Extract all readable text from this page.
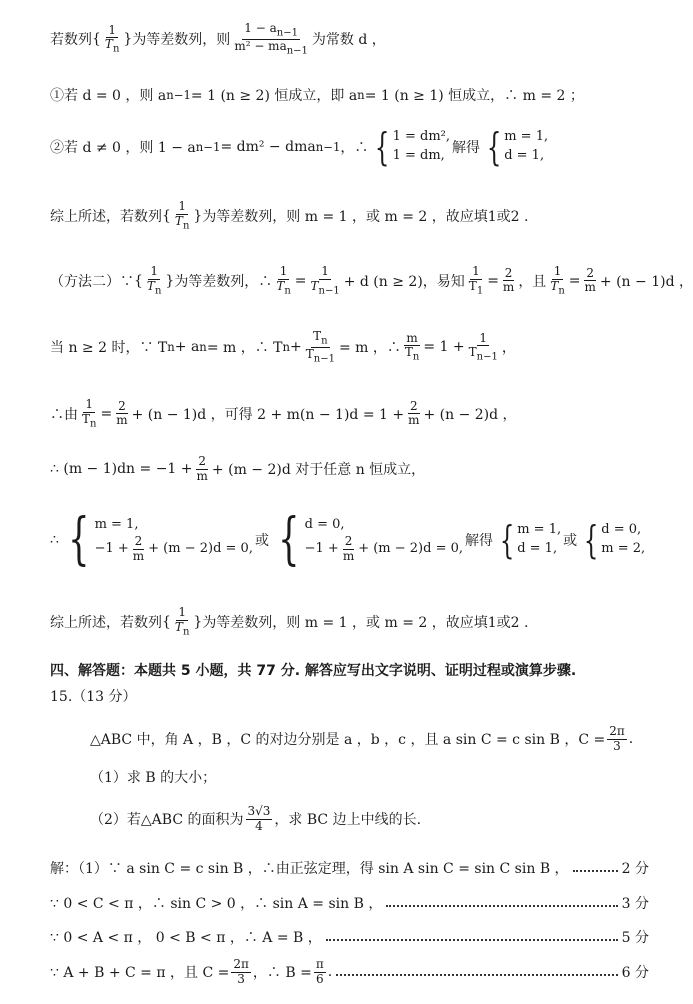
若数列 { $\frac{1}{T_n}$ } 为等差数列，则
$1 - a_{n-1}$
$m^2 - ma_{n-1}$
为常数 d ，
①若 d = 0 ，则 a n−1 = 1 (n ≥ 2) 恒成立，即 a n = 1 (n ≥ 1) 恒成立，∴ m = 2 ；
②若 d ≠ 0 ，则 1 − a n−1 = dm² − dma n−1 ，∴ { 1 = dm²,
1 = dm, 解得 { m = 1,
d = 1,
综上所述，若数列 { $\frac{1}{T_n}$ } 为等差数列，则 m = 1 ，或 m = 2 ，故应填1或2 .
（方法二）∵ { $\frac{1}{T_n}$ } 为等差数列，∴ $\frac{1}{T_n} = \frac{1}{T_{n-1}} + d$ (n ≥ 2)，易知 $\frac{1}{T_1} = \frac{2}{m}$ ，且 $\frac{1}{T_n} = \frac{2}{m} + (n - 1)d$ ，
当 n ≥ 2 时，∵ T n + a n = m ，∴ T $n + \frac{T_n}{T_{n-1}} = m$ ，∴ $\frac{m}{T_n} = 1 + \frac{1}{T_{n-1}}$ ，
∴由 $\frac{1}{T_n} = \frac{2}{m} + (n - 1)d$ ，可得 $2 + m(n - 1)d = 1 + \frac{2}{m} + (n - 2)d$ ，
∴ $(m - 1)dn = -1 + \frac{2}{m} + (m - 2)d$ 对于任意 n 恒成立，
∴ { m = 1,
$-1 + \frac{2}{m} + (m - 2)d = 0$, 或 { d = 0,
$-1 + \frac{2}{m} + (m - 2)d = 0$, 解得 { m = 1,
d = 1, 或 { d = 0,
m = 2,
综上所述，若数列 { $\frac{1}{T_n}$ } 为等差数列，则 m = 1 ，或 m = 2 ，故应填1或2 .
四、解答题：本题共 5 小题，共 77 分. 解答应写出文字说明、证明过程或演算步骤.
15.（13 分）
△ABC 中，角 A ，B ，C 的对边分别是 a ，b ，c ，且 a sin C = c sin B ，$C = \frac{2\pi}{3}$ .
（1）求 B 的大小；
（2）若△ABC 的面积为 $\frac{3√3}{4}$ ，求 BC 边上中线的长.
解：（1）∵ a sin C = c sin B ，∴由正弦定理，得 sin A sin C = sin C sin B ，	2 分
∵ 0 < C < π ，∴ sin C > 0 ，∴ sin A = sin B ，	3 分
∵ 0 < A < π ， 0 < B < π ，∴ A = B ，	5 分
∵ A + B + C = π ，且 $C = \frac{2\pi}{3}$ ，∴ $B = \frac{\pi}{6}$ .	6 分
